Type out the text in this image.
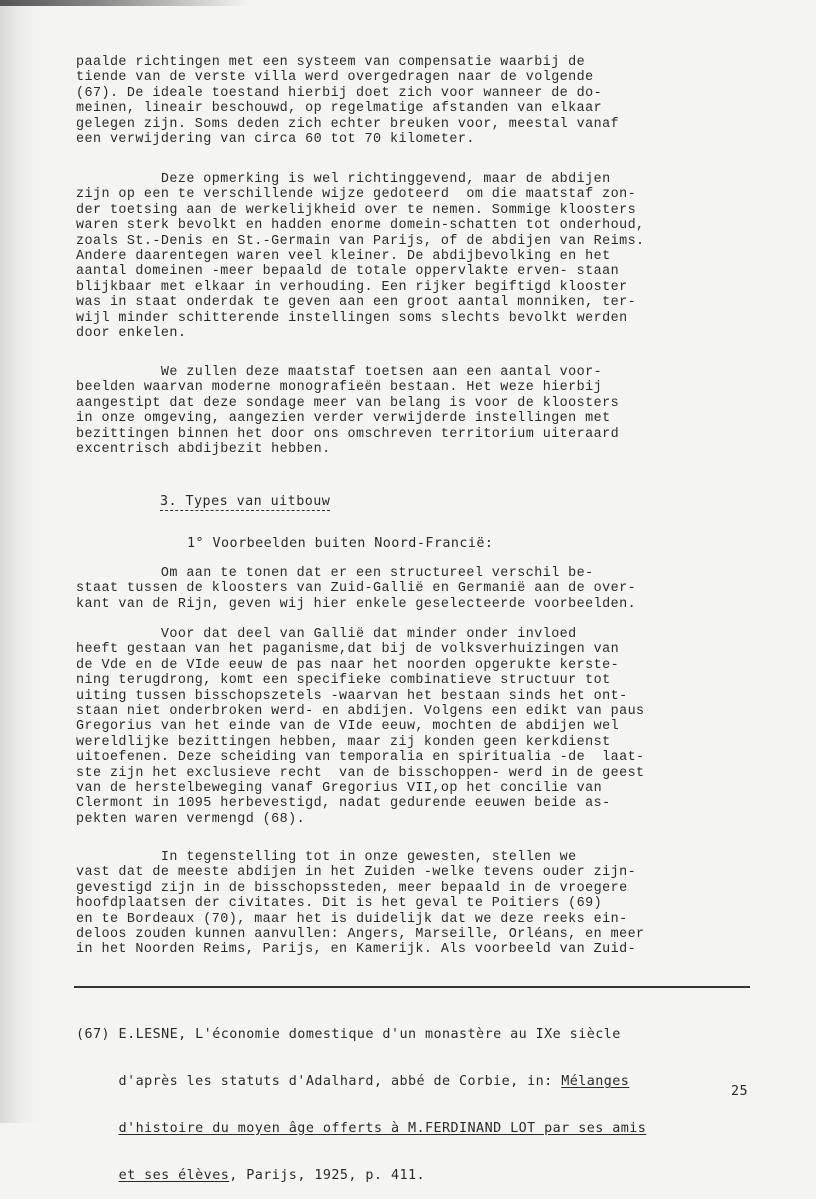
paalde richtingen met een systeem van compensatie waarbij de
tiende van de verste villa werd overgedragen naar de volgende
(67). De ideale toestand hierbij doet zich voor wanneer de do-
meinen, lineair beschouwd, op regelmatige afstanden van elkaar
gelegen zijn. Soms deden zich echter breuken voor, meestal vanaf
een verwijdering van circa 60 tot 70 kilometer.
Deze opmerking is wel richtinggevend, maar de abdijen
zijn op een te verschillende wijze gedoteerd  om die maatstaf zon-
der toetsing aan de werkelijkheid over te nemen. Sommige kloosters
waren sterk bevolkt en hadden enorme domein-schatten tot onderhoud,
zoals St.-Denis en St.-Germain van Parijs, of de abdijen van Reims.
Andere daarentegen waren veel kleiner. De abdijbevolking en het
aantal domeinen -meer bepaald de totale oppervlakte erven- staan
blijkbaar met elkaar in verhouding. Een rijker begiftigd klooster
was in staat onderdak te geven aan een groot aantal monniken, ter-
wijl minder schitterende instellingen soms slechts bevolkt werden
door enkelen.
We zullen deze maatstaf toetsen aan een aantal voor-
beelden waarvan moderne monografieën bestaan. Het weze hierbij
aangestipt dat deze sondage meer van belang is voor de kloosters
in onze omgeving, aangezien verder verwijderde instellingen met
bezittingen binnen het door ons omschreven territorium uiteraard
excentrisch abdijbezit hebben.

3. Types van uitbouw

1° Voorbeelden buiten Noord-Francië:

Om aan te tonen dat er een structureel verschil be-
staat tussen de kloosters van Zuid-Gallië en Germanië aan de over-
kant van de Rijn, geven wij hier enkele geselecteerde voorbeelden.
Voor dat deel van Gallië dat minder onder invloed
heeft gestaan van het paganisme,dat bij de volksverhuizingen van
de Vde en de VIde eeuw de pas naar het noorden opgerukte kerste-
ning terugdrong, komt een specifieke combinatieve structuur tot
uiting tussen bisschopszetels -waarvan het bestaan sinds het ont-
staan niet onderbroken werd- en abdijen. Volgens een edikt van paus
Gregorius van het einde van de VIde eeuw, mochten de abdijen wel
wereldlijke bezittingen hebben, maar zij konden geen kerkdienst
uitoefenen. Deze scheiding van temporalia en spiritualia -de  laat-
ste zijn het exclusieve recht  van de bisschoppen- werd in de geest
van de herstelbeweging vanaf Gregorius VII,op het concilie van
Clermont in 1095 herbevestigd, nadat gedurende eeuwen beide as-
pekten waren vermengd (68).
In tegenstelling tot in onze gewesten, stellen we
vast dat de meeste abdijen in het Zuiden -welke tevens ouder zijn-
gevestigd zijn in de bisschopssteden, meer bepaald in de vroegere
hoofdplaatsen der civitates. Dit is het geval te Poitiers (69)
en te Bordeaux (70), maar het is duidelijk dat we deze reeks ein-
deloos zouden kunnen aanvullen: Angers, Marseille, Orléans, en meer
in het Noorden Reims, Parijs, en Kamerijk. Als voorbeeld van Zuid-

(67) E.LESNE, L'économie domestique d'un monastère au IXe siècle

d'après les statuts d'Adalhard, abbé de Corbie, in: Mélanges

d'histoire du moyen âge offerts à M.FERDINAND LOT par ses amis

et ses élèves, Parijs, 1925, p. 411.

25
